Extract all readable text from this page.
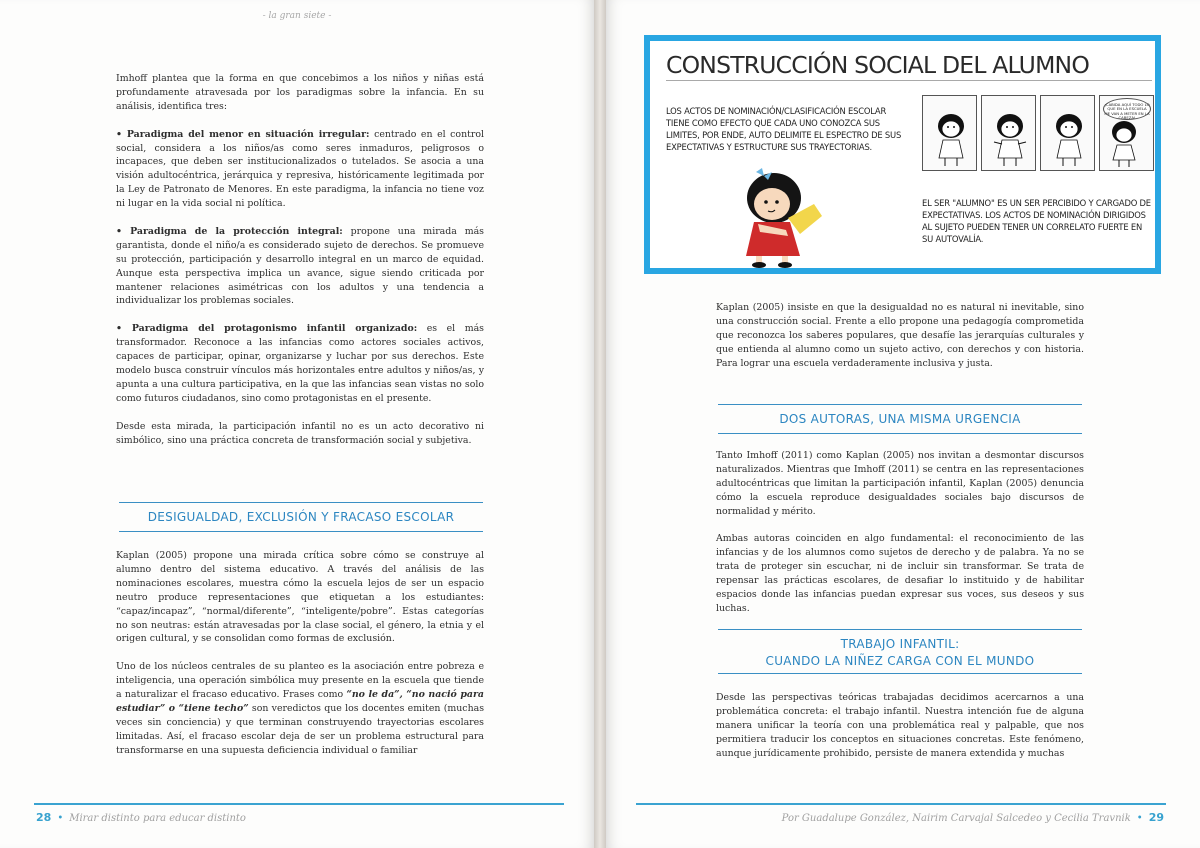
- la gran siete -

Imhoff plantea que la forma en que concebimos a los niños y niñas está profundamente atravesada por los paradigmas sobre la infancia. En su análisis, identifica tres:

• Paradigma del menor en situación irregular: centrado en el control social, considera a los niños/as como seres inmaduros, peligrosos o incapaces, que deben ser institucionalizados o tutelados. Se asocia a una visión adultocéntrica, jerárquica y represiva, históricamente legitimada por la Ley de Patronato de Menores. En este paradigma, la infancia no tiene voz ni lugar en la vida social ni política.

• Paradigma de la protección integral: propone una mirada más garantista, donde el niño/a es considerado sujeto de derechos. Se promueve su protección, participación y desarrollo integral en un marco de equidad. Aunque esta perspectiva implica un avance, sigue siendo criticada por mantener relaciones asimétricas con los adultos y una tendencia a individualizar los problemas sociales.

• Paradigma del protagonismo infantil organizado: es el más transformador. Reconoce a las infancias como actores sociales activos, capaces de participar, opinar, organizarse y luchar por sus derechos. Este modelo busca construir vínculos más horizontales entre adultos y niños/as, y apunta a una cultura participativa, en la que las infancias sean vistas no solo como futuros ciudadanos, sino como protagonistas en el presente.

Desde esta mirada, la participación infantil no es un acto decorativo ni simbólico, sino una práctica concreta de transformación social y subjetiva.

DESIGUALDAD, EXCLUSIÓN Y FRACASO ESCOLAR

Kaplan (2005) propone una mirada crítica sobre cómo se construye al alumno dentro del sistema educativo. A través del análisis de las nominaciones escolares, muestra cómo la escuela lejos de ser un espacio neutro produce representaciones que etiquetan a los estudiantes: “capaz/incapaz”, “normal/diferente”, “inteligente/pobre”. Estas categorías no son neutras: están atravesadas por la clase social, el género, la etnia y el origen cultural, y se consolidan como formas de exclusión.

Uno de los núcleos centrales de su planteo es la asociación entre pobreza e inteligencia, una operación simbólica muy presente en la escuela que tiende a naturalizar el fracaso educativo. Frases como “no le da”, “no nació para estudiar” o “tiene techo” son veredictos que los docentes emiten (muchas veces sin conciencia) y que terminan construyendo trayectorias escolares limitadas. Así, el fracaso escolar deja de ser un problema estructural para transformarse en una supuesta deficiencia individual o familiar

28 • Mirar distinto para educar distinto
CONSTRUCCIÓN SOCIAL DEL ALUMNO
LOS ACTOS DE NOMINACIÓN/CLASIFICACIÓN ESCOLAR TIENE COMO EFECTO QUE CADA UNO CONOZCA SUS LIMITES, POR ENDE, AUTO DELIMITE EL ESPECTRO DE SUS EXPECTATIVAS Y ESTRUCTURE SUS TRAYECTORIAS.
EL SER "ALUMNO" ES UN SER PERCIBIDO Y CARGADO DE EXPECTATIVAS. LOS ACTOS DE NOMINACIÓN DIRIGIDOS AL SUJETO PUEDEN TENER UN CORRELATO FUERTE EN SU AUTOVALÍA.
¡CABIDA AQUÍ TODO LO QUE EN LA ESCUELA ME VAN A METER EN LA CABEZA!

Kaplan (2005) insiste en que la desigualdad no es natural ni inevitable, sino una construcción social. Frente a ello propone una pedagogía comprometida que reconozca los saberes populares, que desafíe las jerarquías culturales y que entienda al alumno como un sujeto activo, con derechos y con historia. Para lograr una escuela verdaderamente inclusiva y justa.

DOS AUTORAS, UNA MISMA URGENCIA

Tanto Imhoff (2011) como Kaplan (2005) nos invitan a desmontar discursos naturalizados. Mientras que Imhoff (2011) se centra en las representaciones adultocéntricas que limitan la participación infantil, Kaplan (2005) denuncia cómo la escuela reproduce desigualdades sociales bajo discursos de normalidad y mérito.

Ambas autoras coinciden en algo fundamental: el reconocimiento de las infancias y de los alumnos como sujetos de derecho y de palabra. Ya no se trata de proteger sin escuchar, ni de incluir sin transformar. Se trata de repensar las prácticas escolares, de desafiar lo instituido y de habilitar espacios donde las infancias puedan expresar sus voces, sus deseos y sus luchas.

TRABAJO INFANTIL:
CUANDO LA NIÑEZ CARGA CON EL MUNDO

Desde las perspectivas teóricas trabajadas decidimos acercarnos a una problemática concreta: el trabajo infantil. Nuestra intención fue de alguna manera unificar la teoría con una problemática real y palpable, que nos permitiera traducir los conceptos en situaciones concretas. Este fenómeno, aunque jurídicamente prohibido, persiste de manera extendida y muchas

Por Guadalupe González, Nairim Carvajal Salcedeo y Cecilia Travnik • 29
